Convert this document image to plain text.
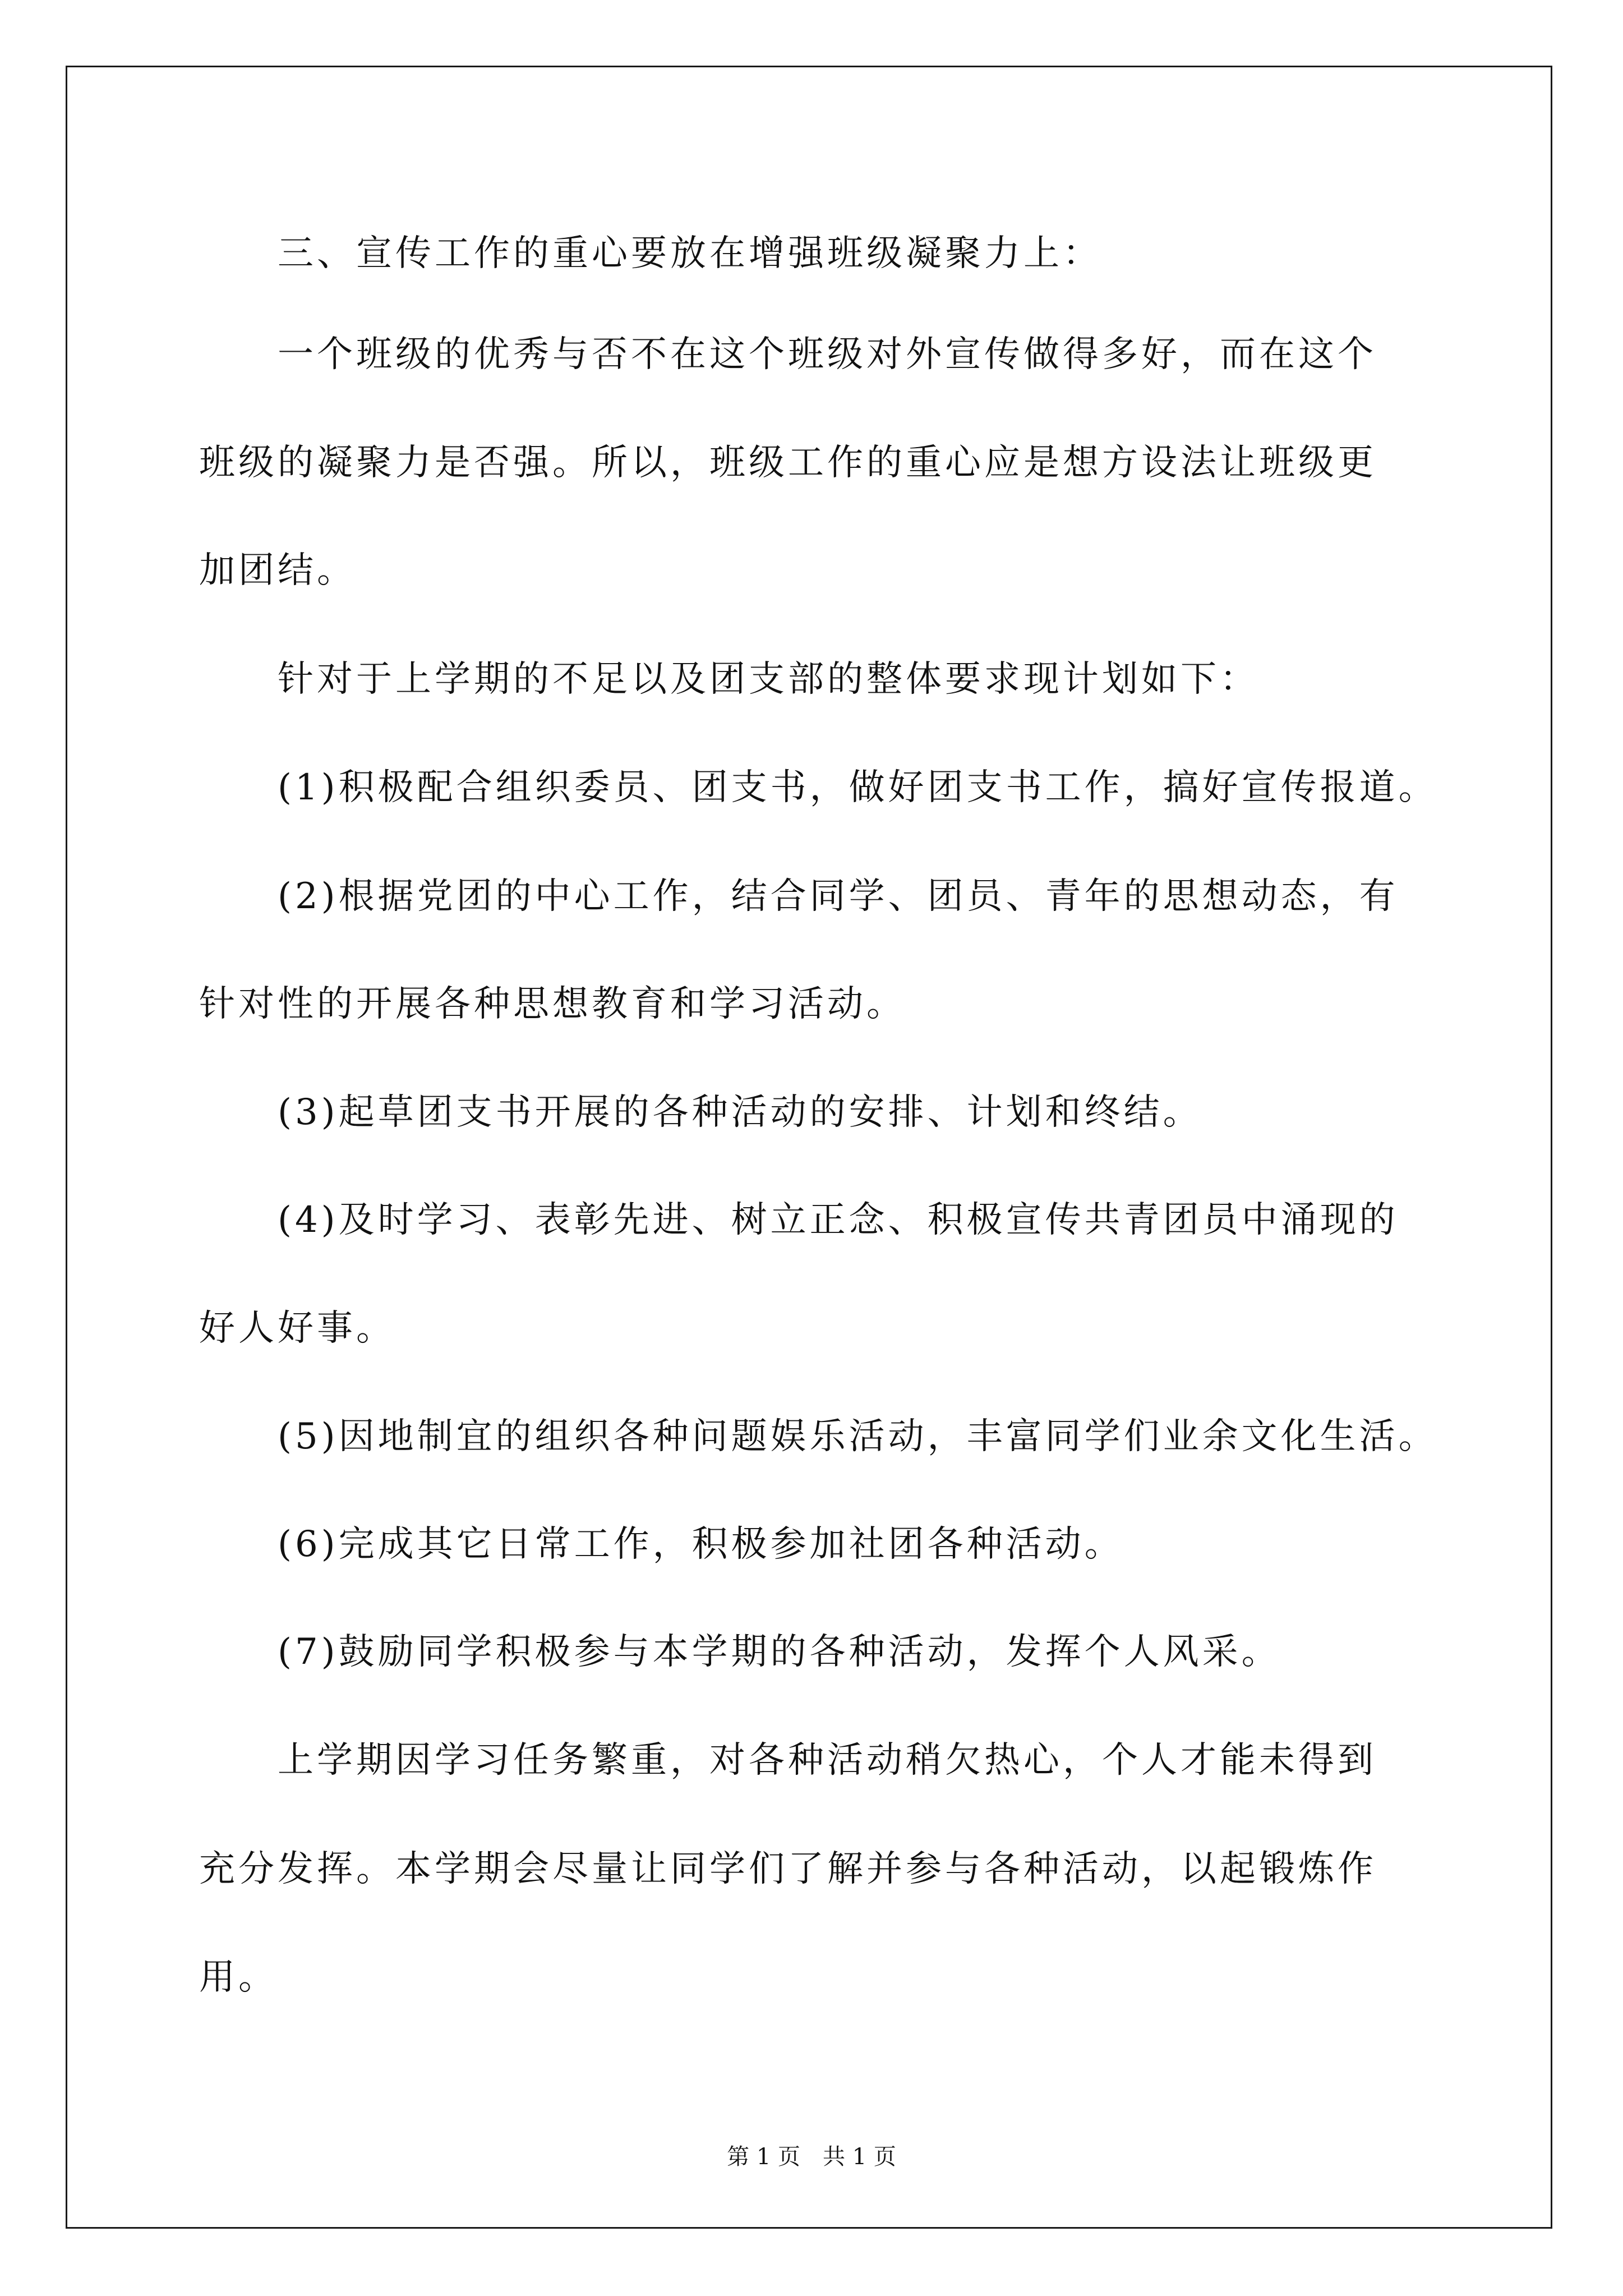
　　三、宣传工作的重心要放在增强班级凝聚力上：
　　一个班级的优秀与否不在这个班级对外宣传做得多好，而在这个
班级的凝聚力是否强。所以，班级工作的重心应是想方设法让班级更
加团结。
　　针对于上学期的不足以及团支部的整体要求现计划如下：
　　(1)积极配合组织委员、团支书，做好团支书工作，搞好宣传报道。
　　(2)根据党团的中心工作，结合同学、团员、青年的思想动态，有
针对性的开展各种思想教育和学习活动。
　　(3)起草团支书开展的各种活动的安排、计划和终结。
　　(4)及时学习、表彰先进、树立正念、积极宣传共青团员中涌现的
好人好事。
　　(5)因地制宜的组织各种问题娱乐活动，丰富同学们业余文化生活。
　　(6)完成其它日常工作，积极参加社团各种活动。
　　(7)鼓励同学积极参与本学期的各种活动，发挥个人风采。
　　上学期因学习任务繁重，对各种活动稍欠热心，个人才能未得到
充分发挥。本学期会尽量让同学们了解并参与各种活动，以起锻炼作
用。
第 1 页　共 1 页
